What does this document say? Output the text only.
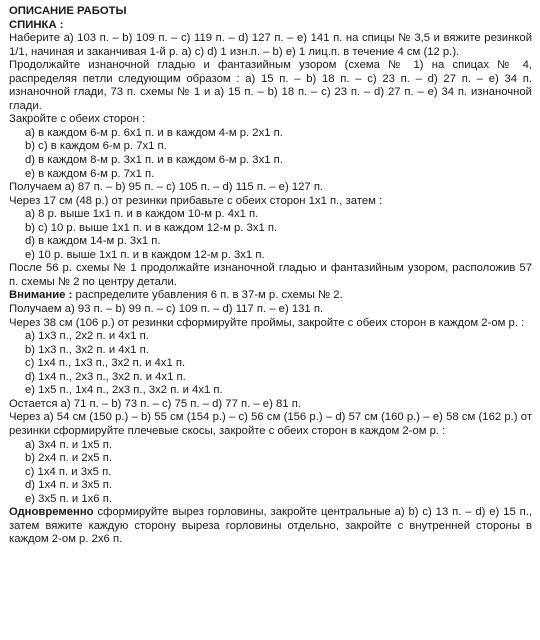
ОПИСАНИЕ РАБОТЫ
СПИНКА :
Наберите а) 103 п. – b) 109 п. – c) 119 п. – d) 127 п. – e) 141 п. на спицы № 3,5 и вяжите резинкой 1/1, начиная и заканчивая 1-й р. a) c) d) 1 изн.п. – b) e) 1 лиц.п. в течение 4 см (12 р.).
Продолжайте изнаночной гладью и фантазийным узором (схема № 1) на спицах № 4, распределяя петли следующим образом : a) 15 п. – b) 18 п. – c) 23 п. – d) 27 п. – e) 34 п. изнаночной глади, 73 п. схемы № 1 и a) 15 п. – b) 18 п. – c) 23 п. – d) 27 п. – e) 34 п. изнаночной глади.
Закройте с обеих сторон :
a) в каждом 6-м р. 6х1 п. и в каждом 4-м р. 2х1 п.
b) c) в каждом 6-м р. 7х1 п.
d) в каждом 8-м р. 3х1 п. и в каждом 6-м р. 3х1 п.
e) в каждом 6-м р. 7х1 п.
Получаем a) 87 п. – b) 95 п. – c) 105 п. – d) 115 п. – e) 127 п.
Через 17 см (48 р.) от резинки прибавьте с обеих сторон 1х1 п., затем :
a) 8 р. выше 1х1 п. и в каждом 10-м р. 4х1 п.
b) c) 10 р. выше 1х1 п. и в каждом 12-м р. 3х1 п.
d) в каждом 14-м р. 3х1 п.
e) 10 р. выше 1х1 п. и в каждом 12-м р. 3х1 п.
После 56 р. схемы № 1 продолжайте изнаночной гладью и фантазийным узором, расположив 57 п. схемы № 2 по центру детали.
Внимание : распределите убавления 6 п. в 37-м р. схемы № 2.
Получаем a) 93 п. – b) 99 п. – c) 109 п. – d) 117 п. – e) 131 п.
Через 38 см (106 р.) от резинки сформируйте проймы, закройте с обеих сторон в каждом 2-ом р. :
a) 1х3 п., 2х2 п. и 4х1 п.
b) 1х3 п., 3х2 п. и 4х1 п.
c) 1х4 п., 1х3 п., 3х2 п. и 4х1 п.
d) 1х4 п., 2х3 п., 3х2 п. и 4х1 п.
e) 1х5 п., 1х4 п., 2х3 п., 3х2 п. и 4х1 п.
Остается a) 71 п. – b) 73 п. – c) 75 п. – d) 77 п. – e) 81 п.
Через a) 54 см (150 р.) – b) 55 см (154 р.) – c) 56 см (156 р.) – d) 57 см (160 р.) – e) 58 см (162 р.) от резинки сформируйте плечевые скосы, закройте с обеих сторон в каждом 2-ом р. :
a) 3х4 п. и 1х5 п.
b) 2х4 п. и 2х5 п.
c) 1х4 п. и 3х5 п.
d) 1х4 п. и 3х5 п.
e) 3х5 п. и 1х6 п.
Одновременно сформируйте вырез горловины, закройте центральные a) b) c) 13 п. – d) e) 15 п., затем вяжите каждую сторону выреза горловины отдельно, закройте с внутренней стороны в каждом 2-ом р. 2х6 п.
